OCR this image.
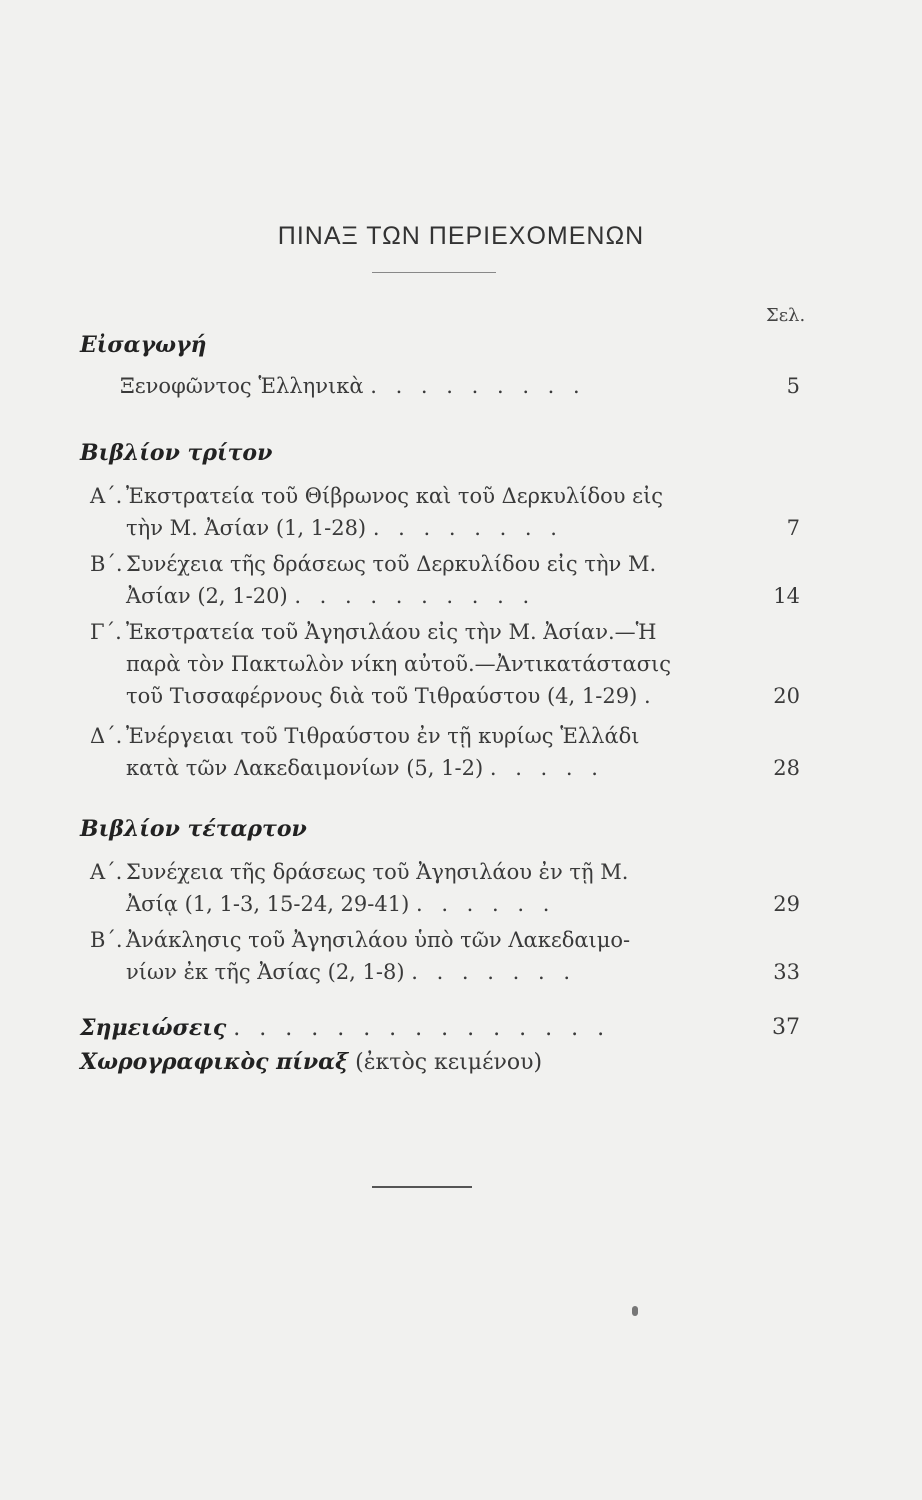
ΠΙΝΑΞ ΤΩΝ ΠΕΡΙΕΧΟΜΕΝΩΝ
Σελ.
Εἰσαγωγή
Ξενοφῶντος Ἑλληνικὰ . . . . . . . . .	5
Βιβλίον τρίτον
Α΄. Ἐκστρατεία τοῦ Θίβρωνος καὶ τοῦ Δερκυλίδου εἰς
τὴν Μ. Ἀσίαν (1, 1-28) . . . . . . . .	7
Β΄. Συνέχεια τῆς δράσεως τοῦ Δερκυλίδου εἰς τὴν Μ.
Ἀσίαν (2, 1-20) . . . . . . . . . .	14
Γ΄. Ἐκστρατεία τοῦ Ἀγησιλάου εἰς τὴν Μ. Ἀσίαν.—Ἡ
παρὰ τὸν Πακτωλὸν νίκη αὐτοῦ.—Ἀντικατάστασις
τοῦ Τισσαφέρνους διὰ τοῦ Τιθραύστου (4, 1-29) .	20
Δ΄. Ἐνέργειαι τοῦ Τιθραύστου ἐν τῇ κυρίως Ἑλλάδι
κατὰ τῶν Λακεδαιμονίων (5, 1-2) . . . . .	28
Βιβλίον τέταρτον
Α΄. Συνέχεια τῆς δράσεως τοῦ Ἀγησιλάου ἐν τῇ Μ.
Ἀσίᾳ (1, 1-3, 15-24, 29-41) . . . . . .	29
Β΄. Ἀνάκλησις τοῦ Ἀγησιλάου ὑπὸ τῶν Λακεδαιμο-
νίων ἐκ τῆς Ἀσίας (2, 1-8) . . . . . . .	33
Σημειώσεις . . . . . . . . . . . . . . .	37
Χωρογραφικὸς πίναξ (ἐκτὸς κειμένου)
